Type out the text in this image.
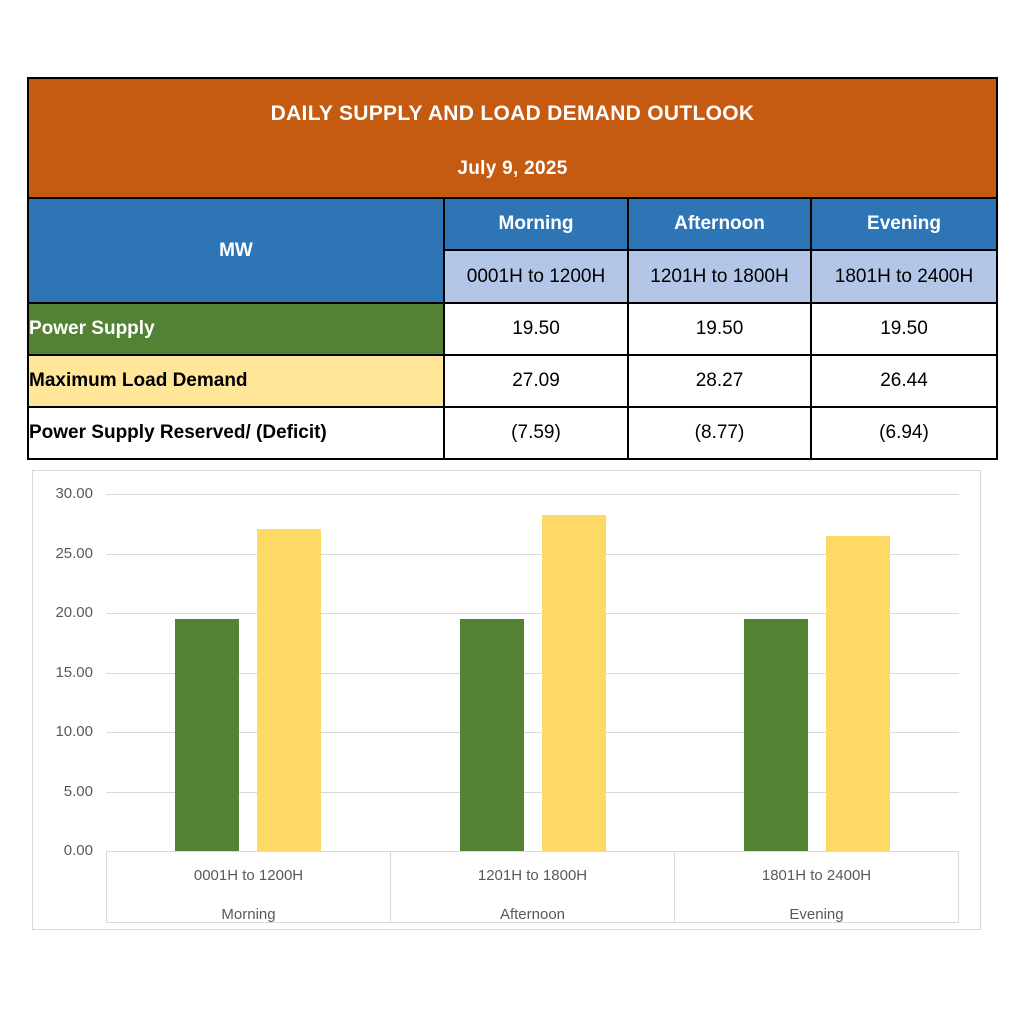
DAILY SUPPLY AND LOAD DEMAND OUTLOOK
July 9, 2025			

MW	Morning	Afternoon	Evening
	0001H to 1200H	1201H to 1800H	1801H to 2400H
Power Supply	19.50	19.50	19.50
Maximum Load Demand	27.09	28.27	26.44
Power Supply Reserved/ (Deficit)	(7.59)	(8.77)	(6.94)
30.00
25.00
20.00
15.00
10.00
5.00
0.00
0001H to 1200H
Morning
1201H to 1800H
Afternoon
1801H to 2400H
Evening
